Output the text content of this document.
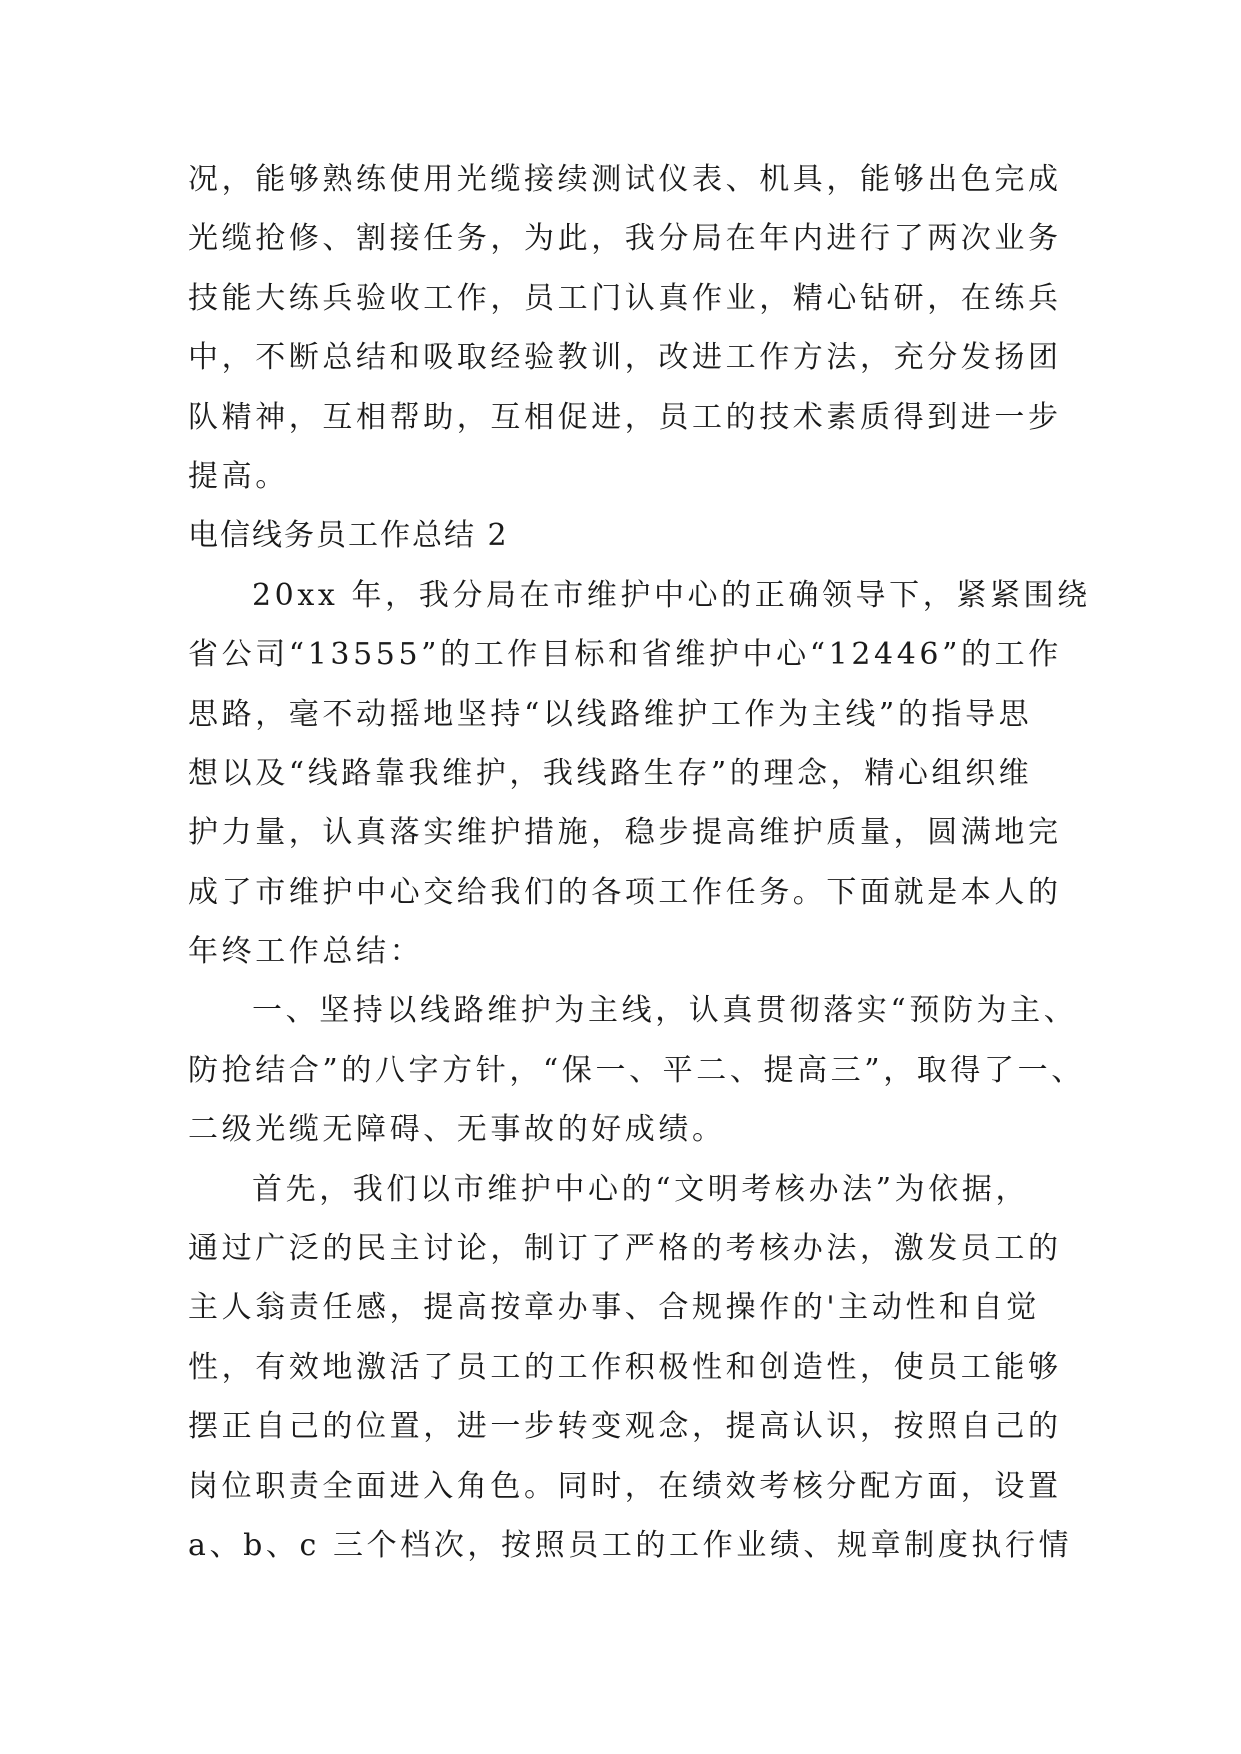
况，能够熟练使用光缆接续测试仪表、机具，能够出色完成
光缆抢修、割接任务，为此，我分局在年内进行了两次业务
技能大练兵验收工作，员工门认真作业，精心钻研，在练兵
中，不断总结和吸取经验教训，改进工作方法，充分发扬团
队精神，互相帮助，互相促进，员工的技术素质得到进一步
提高。
电信线务员工作总结 2
20xx 年，我分局在市维护中心的正确领导下，紧紧围绕
省公司“13555”的工作目标和省维护中心“12446”的工作
思路，毫不动摇地坚持“以线路维护工作为主线”的指导思
想以及“线路靠我维护，我线路生存”的理念，精心组织维
护力量，认真落实维护措施，稳步提高维护质量，圆满地完
成了市维护中心交给我们的各项工作任务。下面就是本人的
年终工作总结：
一、坚持以线路维护为主线，认真贯彻落实“预防为主、
防抢结合”的八字方针，“保一、平二、提高三”，取得了一、
二级光缆无障碍、无事故的好成绩。
首先，我们以市维护中心的“文明考核办法”为依据，
通过广泛的民主讨论，制订了严格的考核办法，激发员工的
主人翁责任感，提高按章办事、合规操作的'主动性和自觉
性，有效地激活了员工的工作积极性和创造性，使员工能够
摆正自己的位置，进一步转变观念，提高认识，按照自己的
岗位职责全面进入角色。同时，在绩效考核分配方面，设置
a、b、c 三个档次，按照员工的工作业绩、规章制度执行情
